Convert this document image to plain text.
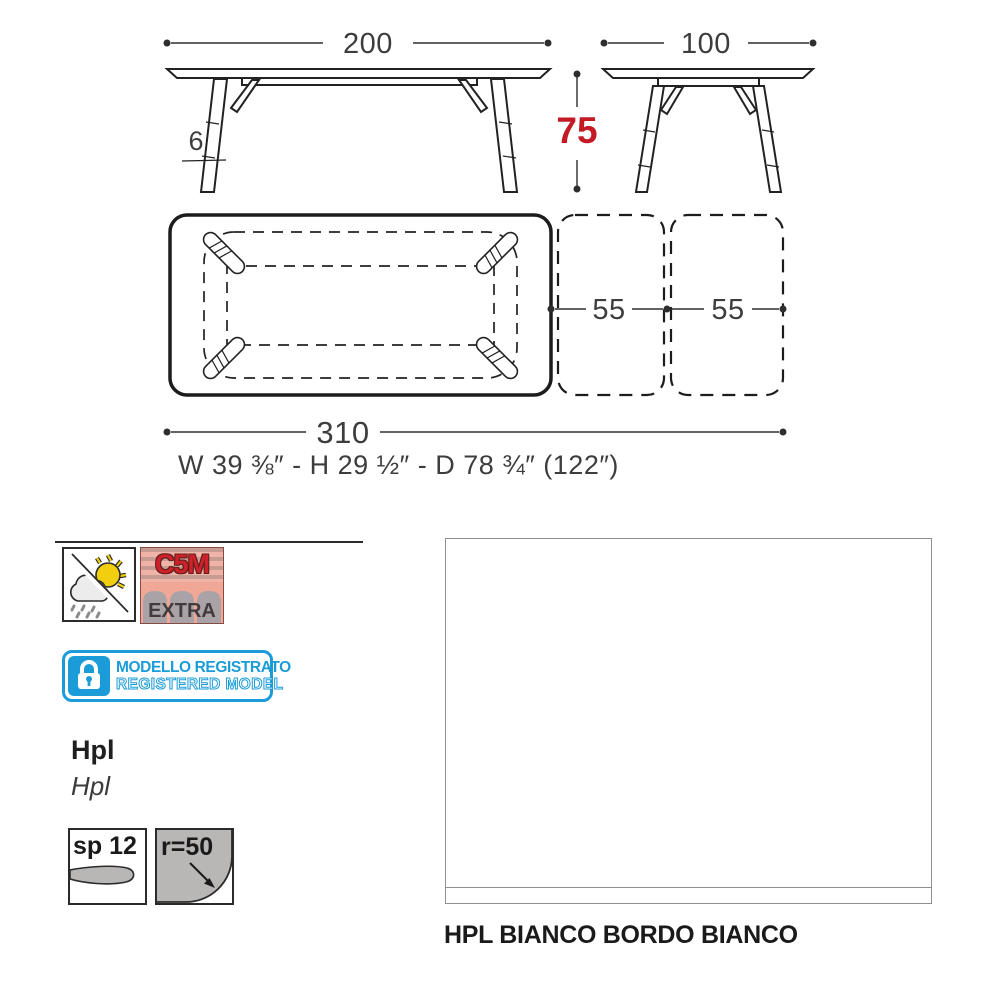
200	100
6	75
55	55
310
W 39 ⅜″ - H 29 ½″ - D 78 ¾″ (122″)
C5M
EXTRA
MODELLO REGISTRATO
REGISTERED MODEL
Hpl
Hpl
sp 12 r=50
HPL BIANCO BORDO BIANCO
